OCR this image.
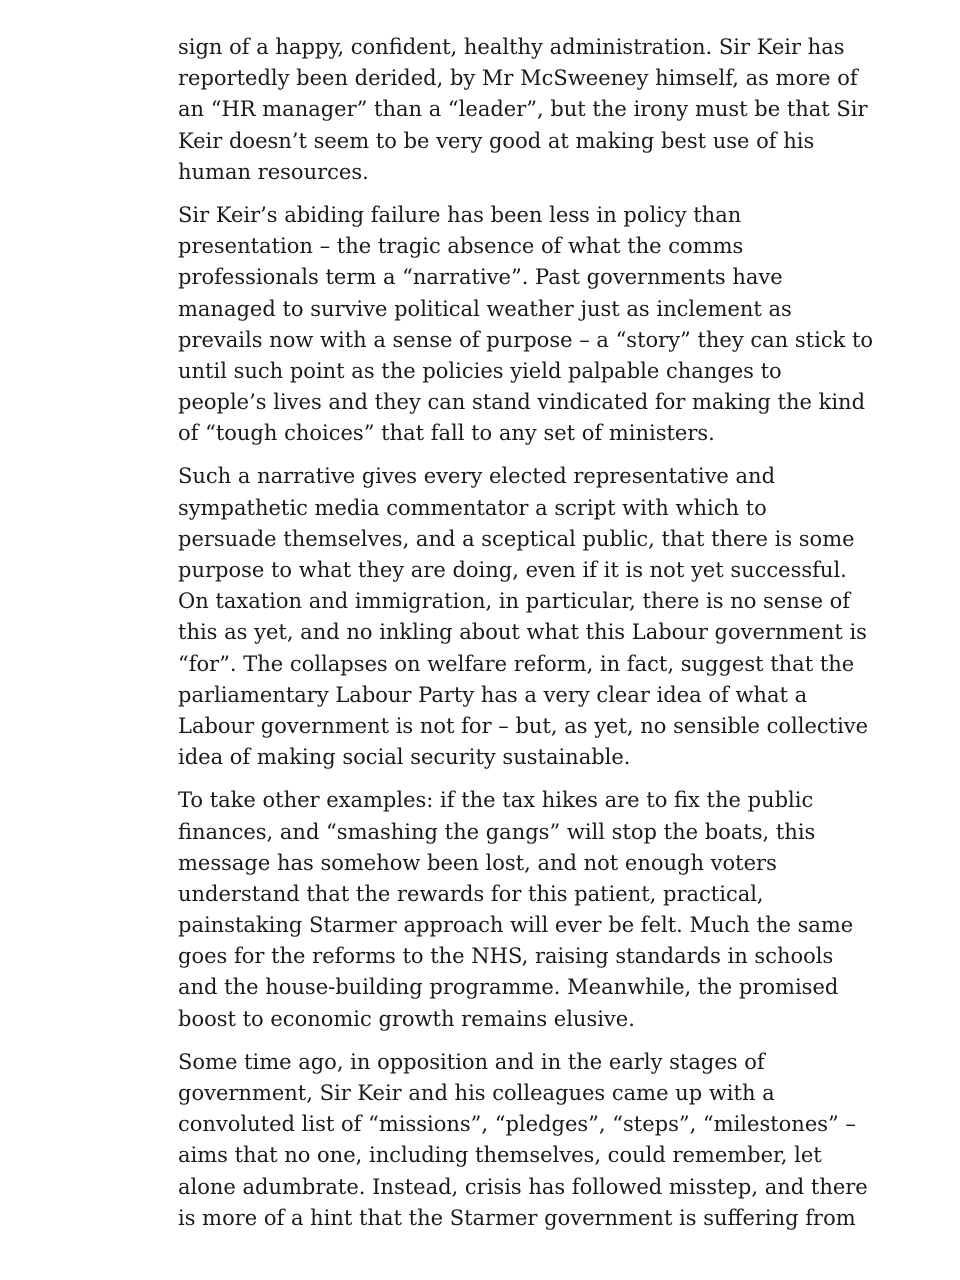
sign of a happy, confident, healthy administration. Sir Keir has
reportedly been derided, by Mr McSweeney himself, as more of
an “HR manager” than a “leader”, but the irony must be that Sir
Keir doesn’t seem to be very good at making best use of his
human resources.

Sir Keir’s abiding failure has been less in policy than
presentation – the tragic absence of what the comms
professionals term a “narrative”. Past governments have
managed to survive political weather just as inclement as
prevails now with a sense of purpose – a “story” they can stick to
until such point as the policies yield palpable changes to
people’s lives and they can stand vindicated for making the kind
of “tough choices” that fall to any set of ministers.

Such a narrative gives every elected representative and
sympathetic media commentator a script with which to
persuade themselves, and a sceptical public, that there is some
purpose to what they are doing, even if it is not yet successful.
On taxation and immigration, in particular, there is no sense of
this as yet, and no inkling about what this Labour government is
“for”. The collapses on welfare reform, in fact, suggest that the
parliamentary Labour Party has a very clear idea of what a
Labour government is not for – but, as yet, no sensible collective
idea of making social security sustainable.

To take other examples: if the tax hikes are to fix the public
finances, and “smashing the gangs” will stop the boats, this
message has somehow been lost, and not enough voters
understand that the rewards for this patient, practical,
painstaking Starmer approach will ever be felt. Much the same
goes for the reforms to the NHS, raising standards in schools
and the house-building programme. Meanwhile, the promised
boost to economic growth remains elusive.

Some time ago, in opposition and in the early stages of
government, Sir Keir and his colleagues came up with a
convoluted list of “missions”, “pledges”, “steps”, “milestones” –
aims that no one, including themselves, could remember, let
alone adumbrate. Instead, crisis has followed misstep, and there
is more of a hint that the Starmer government is suffering from
